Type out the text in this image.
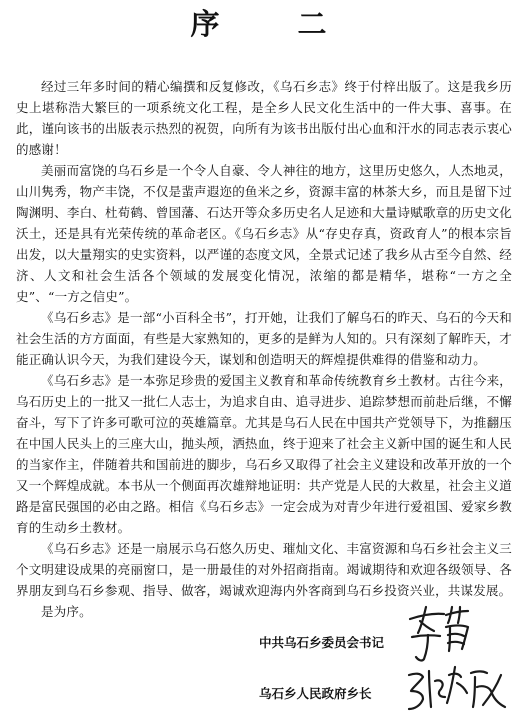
序 二

经过三年多时间的精心编撰和反复修改，《乌石乡志》终于付梓出版了。这是我乡历史上堪称浩大繁巨的一项系统文化工程，是全乡人民文化生活中的一件大事、喜事。在此，谨向该书的出版表示热烈的祝贺，向所有为该书出版付出心血和汗水的同志表示衷心的感谢！

美丽而富饶的乌石乡是一个令人自豪、令人神往的地方，这里历史悠久，人杰地灵，山川隽秀，物产丰饶，不仅是蜚声遐迩的鱼米之乡，资源丰富的林茶大乡，而且是留下过陶渊明、李白、杜荀鹤、曾国藩、石达开等众多历史名人足迹和大量诗赋歌章的历史文化沃土，还是具有光荣传统的革命老区。《乌石乡志》从“存史存真，资政育人”的根本宗旨出发，以大量翔实的史实资料，以严谨的态度文风，全景式记述了我乡从古至今自然、经济、人文和社会生活各个领域的发展变化情况，浓缩的都是精华，堪称“一方之全史”、“一方之信史”。

《乌石乡志》是一部“小百科全书”，打开她，让我们了解乌石的昨天、乌石的今天和社会生活的方方面面，有些是大家熟知的，更多的是鲜为人知的。只有深刻了解昨天，才能正确认识今天，为我们建设今天，谋划和创造明天的辉煌提供难得的借鉴和动力。

《乌石乡志》是一本弥足珍贵的爱国主义教育和革命传统教育乡土教材。古往今来，乌石历史上的一批又一批仁人志士，为追求自由、追寻进步、追踪梦想而前赴后继，不懈奋斗，写下了许多可歌可泣的英雄篇章。尤其是乌石人民在中国共产党领导下，为推翻压在中国人民头上的三座大山，抛头颅，洒热血，终于迎来了社会主义新中国的诞生和人民的当家作主，伴随着共和国前进的脚步，乌石乡又取得了社会主义建设和改革开放的一个又一个辉煌成就。本书从一个侧面再次雄辩地证明：共产党是人民的大救星，社会主义道路是富民强国的必由之路。相信《乌石乡志》一定会成为对青少年进行爱祖国、爱家乡教育的生动乡土教材。

《乌石乡志》还是一扇展示乌石悠久历史、璀灿文化、丰富资源和乌石乡社会主义三个文明建设成果的亮丽窗口，是一册最佳的对外招商指南。竭诚期待和欢迎各级领导、各界朋友到乌石乡参观、指导、做客，竭诚欢迎海内外客商到乌石乡投资兴业，共谋发展。

是为序。

中共乌石乡委员会书记
乌石乡人民政府乡长
